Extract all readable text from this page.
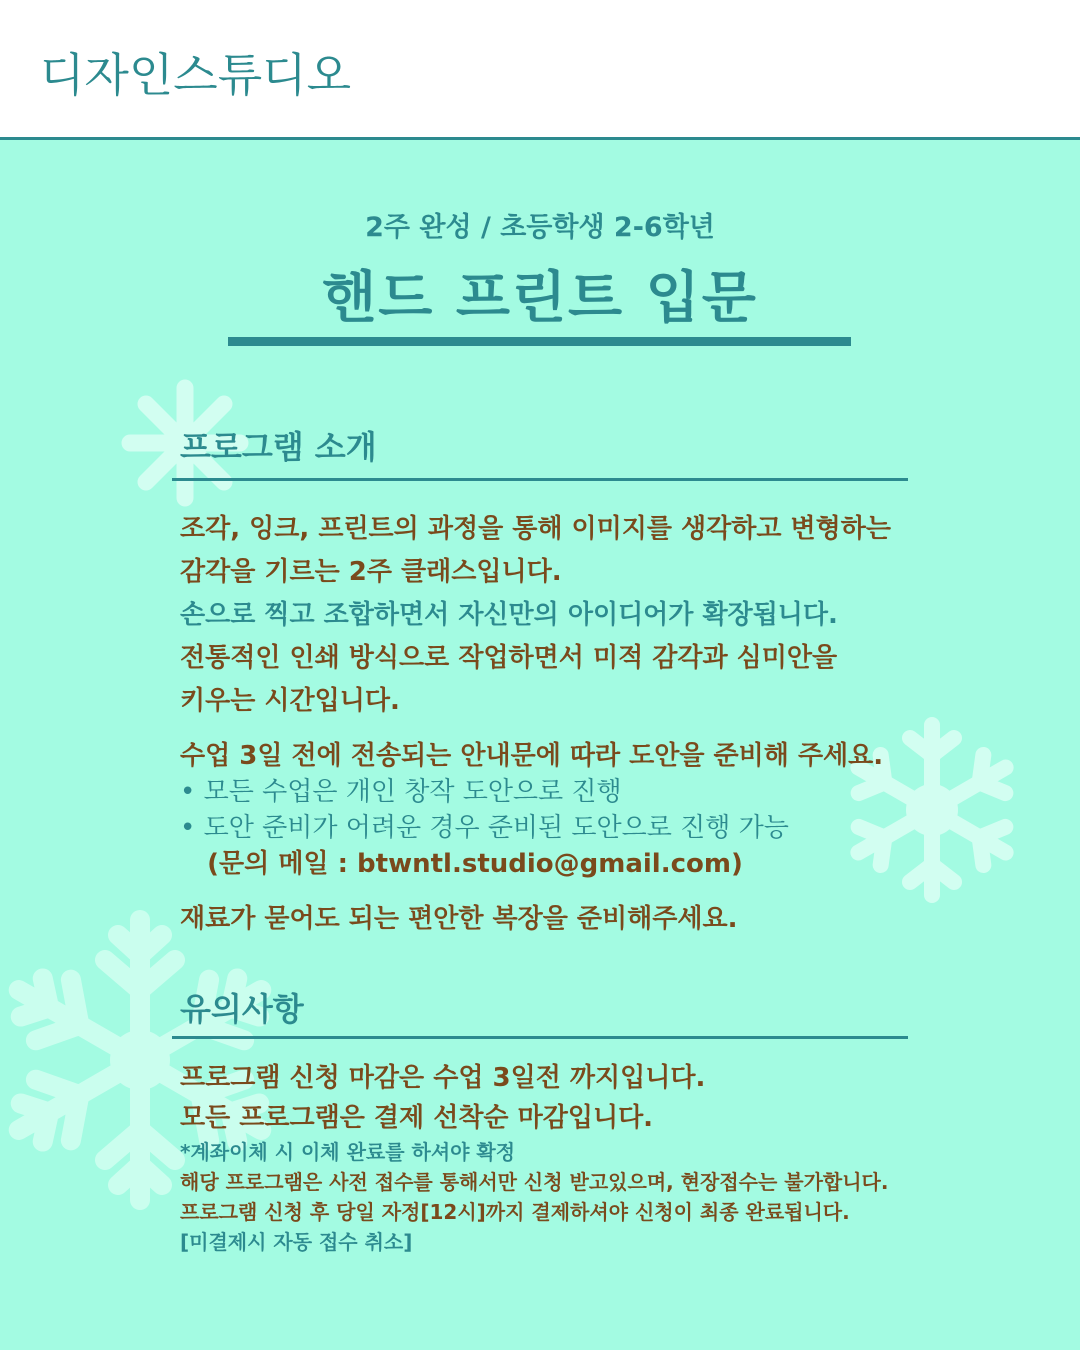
디자인스튜디오
2주 완성 / 초등학생 2-6학년
핸드 프린트 입문
프로그램 소개
조각, 잉크, 프린트의 과정을 통해 이미지를 생각하고 변형하는
감각을 기르는 2주 클래스입니다.
손으로 찍고 조합하면서 자신만의 아이디어가 확장됩니다.
전통적인 인쇄 방식으로 작업하면서 미적 감각과 심미안을
키우는 시간입니다.
수업 3일 전에 전송되는 안내문에 따라 도안을 준비해 주세요.
• 모든 수업은 개인 창작 도안으로 진행
• 도안 준비가 어려운 경우 준비된 도안으로 진행 가능
(문의 메일 : btwntl.studio@gmail.com)
재료가 묻어도 되는 편안한 복장을 준비해주세요.
유의사항
프로그램 신청 마감은 수업 3일전 까지입니다.
모든 프로그램은 결제 선착순 마감입니다.
*계좌이체 시 이체 완료를 하셔야 확정
해당 프로그램은 사전 접수를 통해서만 신청 받고있으며, 현장접수는 불가합니다.
프로그램 신청 후 당일 자정[12시]까지 결제하셔야 신청이 최종 완료됩니다.
[미결제시 자동 접수 취소]
